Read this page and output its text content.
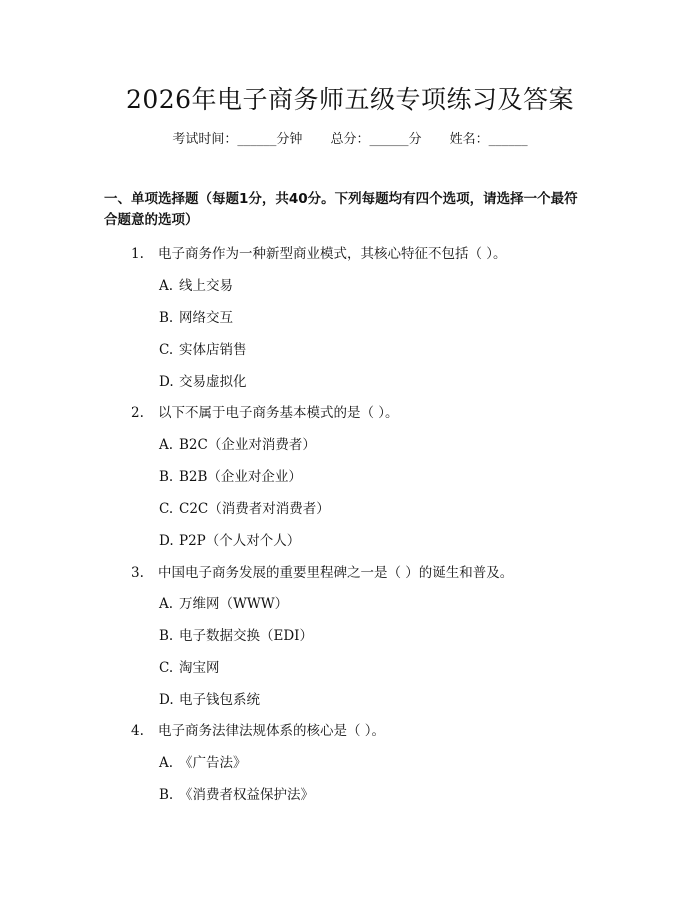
2026年电子商务师五级专项练习及答案
考试时间：______分钟 总分：______分 姓名：______
一、单项选择题（每题1分，共40分。下列每题均有四个选项，请选择一个最符
合题意的选项）
1. 电子商务作为一种新型商业模式，其核心特征不包括（ ）。
A. 线上交易
B. 网络交互
C. 实体店销售
D. 交易虚拟化
2. 以下不属于电子商务基本模式的是（ ）。
A. B2C（企业对消费者）
B. B2B（企业对企业）
C. C2C（消费者对消费者）
D. P2P（个人对个人）
3. 中国电子商务发展的重要里程碑之一是（ ）的诞生和普及。
A. 万维网（WWW）
B. 电子数据交换（EDI）
C. 淘宝网
D. 电子钱包系统
4. 电子商务法律法规体系的核心是（ ）。
A. 《广告法》
B. 《消费者权益保护法》
